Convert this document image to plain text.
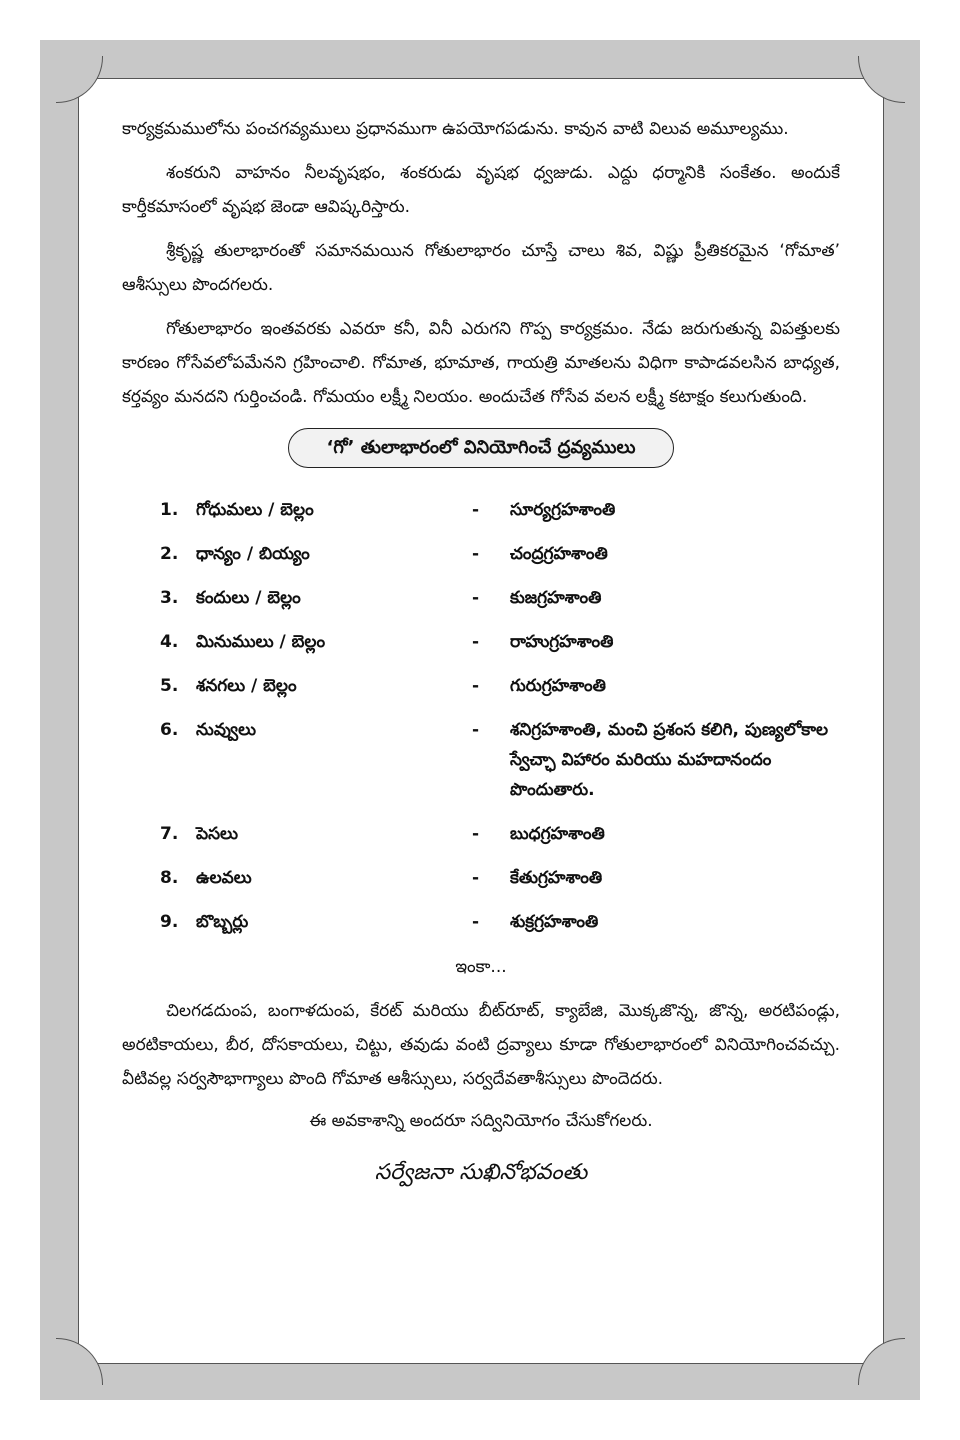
కార్యక్రమములోను పంచగవ్యములు ప్రధానముగా ఉపయోగపడును. కావున వాటి విలువ అమూల్యము.

శంకరుని వాహనం నీలవృషభం, శంకరుడు వృషభ ధ్వజుడు. ఎద్దు ధర్మానికి సంకేతం. అందుకే కార్తీకమాసంలో వృషభ జెండా ఆవిష్కరిస్తారు.

శ్రీకృష్ణ తులాభారంతో సమానమయిన గోతులాభారం చూస్తే చాలు శివ, విష్ణు ప్రీతికరమైన ‘గోమాత’ ఆశీస్సులు పొందగలరు.

గోతులాభారం ఇంతవరకు ఎవరూ కనీ, వినీ ఎరుగని గొప్ప కార్యక్రమం. నేడు జరుగుతున్న విపత్తులకు కారణం గోసేవలోపమేనని గ్రహించాలి. గోమాత, భూమాత, గాయత్రి మాతలను విధిగా కాపాడవలసిన బాధ్యత, కర్తవ్యం మనదని గుర్తించండి. గోమయం లక్ష్మీ నిలయం. అందుచేత గోసేవ వలన లక్ష్మీ కటాక్షం కలుగుతుంది.

‘గో’ తులాభారంలో వినియోగించే ద్రవ్యములు
1.	గోధుమలు / బెల్లం	-	సూర్యగ్రహశాంతి
2.	ధాన్యం / బియ్యం	-	చంద్రగ్రహశాంతి
3.	కందులు / బెల్లం	-	కుజగ్రహశాంతి
4.	మినుములు / బెల్లం	-	రాహుగ్రహశాంతి
5.	శనగలు / బెల్లం	-	గురుగ్రహశాంతి
6.	నువ్వులు	-	శనిగ్రహశాంతి, మంచి ప్రశంస కలిగి, పుణ్యలోకాల స్వేచ్ఛా విహారం మరియు మహదానందం పొందుతారు.
7.	పెసలు	-	బుధగ్రహశాంతి
8.	ఉలవలు	-	కేతుగ్రహశాంతి
9.	బొబ్బర్లు	-	శుక్రగ్రహశాంతి
ఇంకా...

చిలగడదుంప, బంగాళదుంప, కేరట్ మరియు బీట్‌రూట్, క్యాబేజి, మొక్కజొన్న, జొన్న, అరటిపండ్లు, అరటికాయలు, బీర, దోసకాయలు, చిట్టు, తవుడు వంటి ద్రవ్యాలు కూడా గోతులాభారంలో వినియోగించవచ్చు. వీటివల్ల సర్వసౌభాగ్యాలు పొంది గోమాత ఆశీస్సులు, సర్వదేవతాశీస్సులు పొందెదరు.

ఈ అవకాశాన్ని అందరూ సద్వినియోగం చేసుకోగలరు.
సర్వేజనా సుఖినోభవంతు
